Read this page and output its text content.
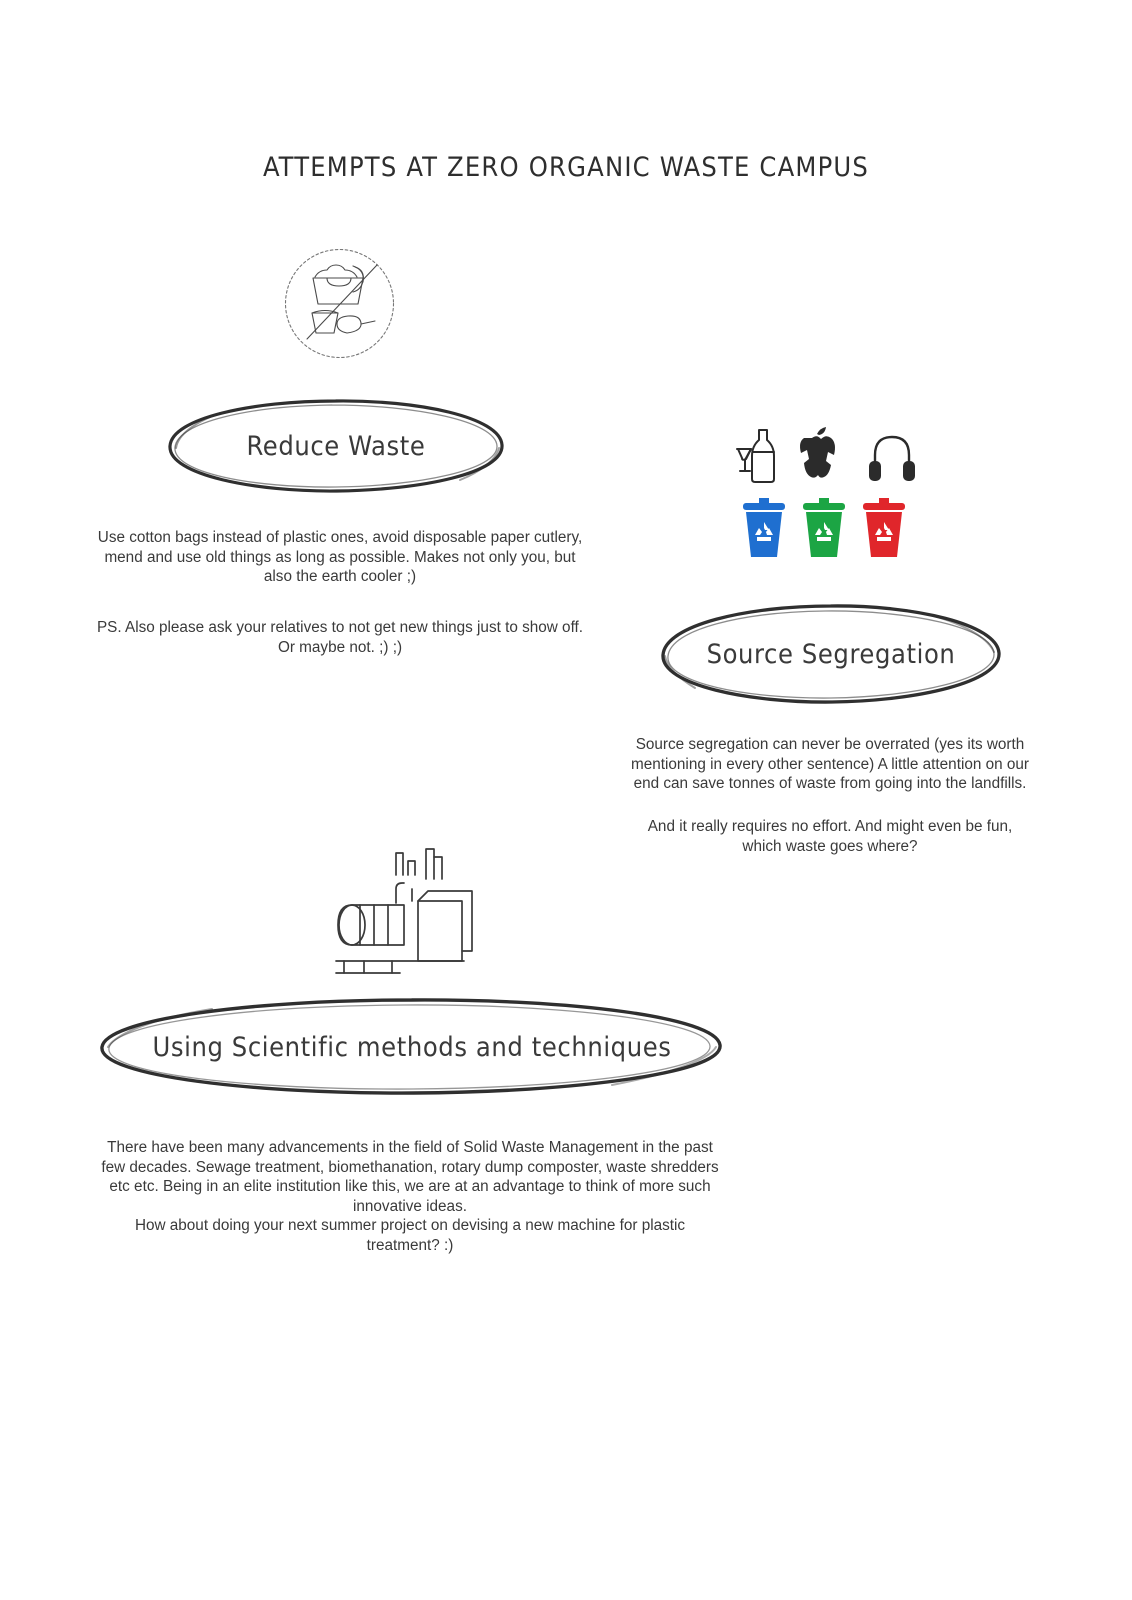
ATTEMPTS AT ZERO ORGANIC WASTE CAMPUS
Reduce Waste
Use cotton bags instead of plastic ones, avoid disposable paper cutlery, mend and use old things as long as possible. Makes not only you, but also the earth cooler ;)
PS. Also please ask your relatives to not get new things just to show off. Or maybe not. ;) ;)	Source Segregation
Source segregation can never be overrated (yes its worth mentioning in every other sentence) A little attention on our end can save tonnes of waste from going into the landfills.
And it really requires no effort. And might even be fun, which waste goes where?
Using Scientific methods and techniques
There have been many advancements in the field of Solid Waste Management in the past few decades. Sewage treatment, biomethanation, rotary dump composter, waste shredders etc etc. Being in an elite institution like this, we are at an advantage to think of more such innovative ideas.
How about doing your next summer project on devising a new machine for plastic treatment? :)
